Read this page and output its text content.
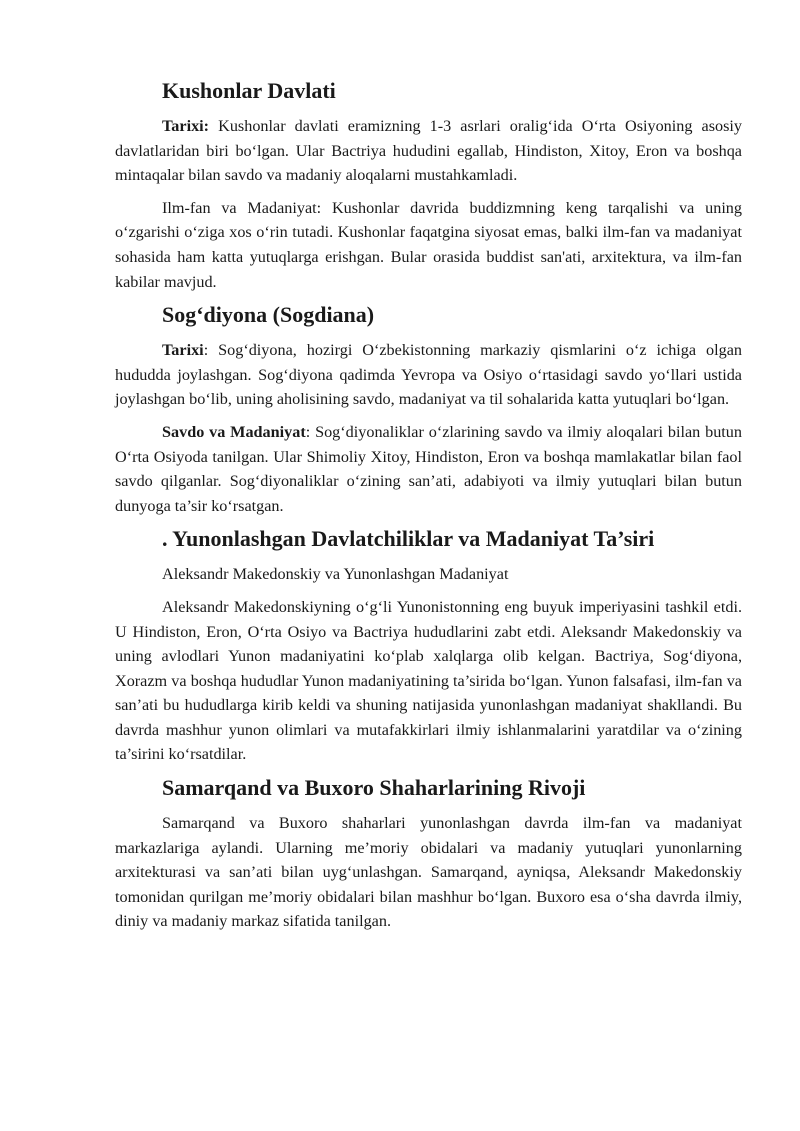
Kushonlar Davlati

Tarixi: Kushonlar davlati eramizning 1-3 asrlari oralig‘ida O‘rta Osiyoning asosiy davlatlaridan biri bo‘lgan. Ular Bactriya hududini egallab, Hindiston, Xitoy, Eron va boshqa mintaqalar bilan savdo va madaniy aloqalarni mustahkamladi.

Ilm-fan va Madaniyat: Kushonlar davrida buddizmning keng tarqalishi va uning o‘zgarishi o‘ziga xos o‘rin tutadi. Kushonlar faqatgina siyosat emas, balki ilm-fan va madaniyat sohasida ham katta yutuqlarga erishgan. Bular orasida buddist san'ati, arxitektura, va ilm-fan kabilar mavjud.

Sog‘diyona (Sogdiana)

Tarixi: Sog‘diyona, hozirgi O‘zbekistonning markaziy qismlarini o‘z ichiga olgan hududda joylashgan. Sog‘diyona qadimda Yevropa va Osiyo o‘rtasidagi savdo yo‘llari ustida joylashgan bo‘lib, uning aholisining savdo, madaniyat va til sohalarida katta yutuqlari bo‘lgan.

Savdo va Madaniyat: Sog‘diyonaliklar o‘zlarining savdo va ilmiy aloqalari bilan butun O‘rta Osiyoda tanilgan. Ular Shimoliy Xitoy, Hindiston, Eron va boshqa mamlakatlar bilan faol savdo qilganlar. Sog‘diyonaliklar o‘zining san’ati, adabiyoti va ilmiy yutuqlari bilan butun dunyoga ta’sir ko‘rsatgan.

. Yunonlashgan Davlatchiliklar va Madaniyat Ta’siri

Aleksandr Makedonskiy va Yunonlashgan Madaniyat

Aleksandr Makedonskiyning o‘g‘li Yunonistonning eng buyuk imperiyasini tashkil etdi. U Hindiston, Eron, O‘rta Osiyo va Bactriya hududlarini zabt etdi. Aleksandr Makedonskiy va uning avlodlari Yunon madaniyatini ko‘plab xalqlarga olib kelgan. Bactriya, Sog‘diyona, Xorazm va boshqa hududlar Yunon madaniyatining ta’sirida bo‘lgan. Yunon falsafasi, ilm-fan va san’ati bu hududlarga kirib keldi va shuning natijasida yunonlashgan madaniyat shakllandi. Bu davrda mashhur yunon olimlari va mutafakkirlari ilmiy ishlanmalarini yaratdilar va o‘zining ta’sirini ko‘rsatdilar.

Samarqand va Buxoro Shaharlarining Rivoji

Samarqand va Buxoro shaharlari yunonlashgan davrda ilm-fan va madaniyat markazlariga aylandi. Ularning me’moriy obidalari va madaniy yutuqlari yunonlarning arxitekturasi va san’ati bilan uyg‘unlashgan. Samarqand, ayniqsa, Aleksandr Makedonskiy tomonidan qurilgan me’moriy obidalari bilan mashhur bo‘lgan. Buxoro esa o‘sha davrda ilmiy, diniy va madaniy markaz sifatida tanilgan.
